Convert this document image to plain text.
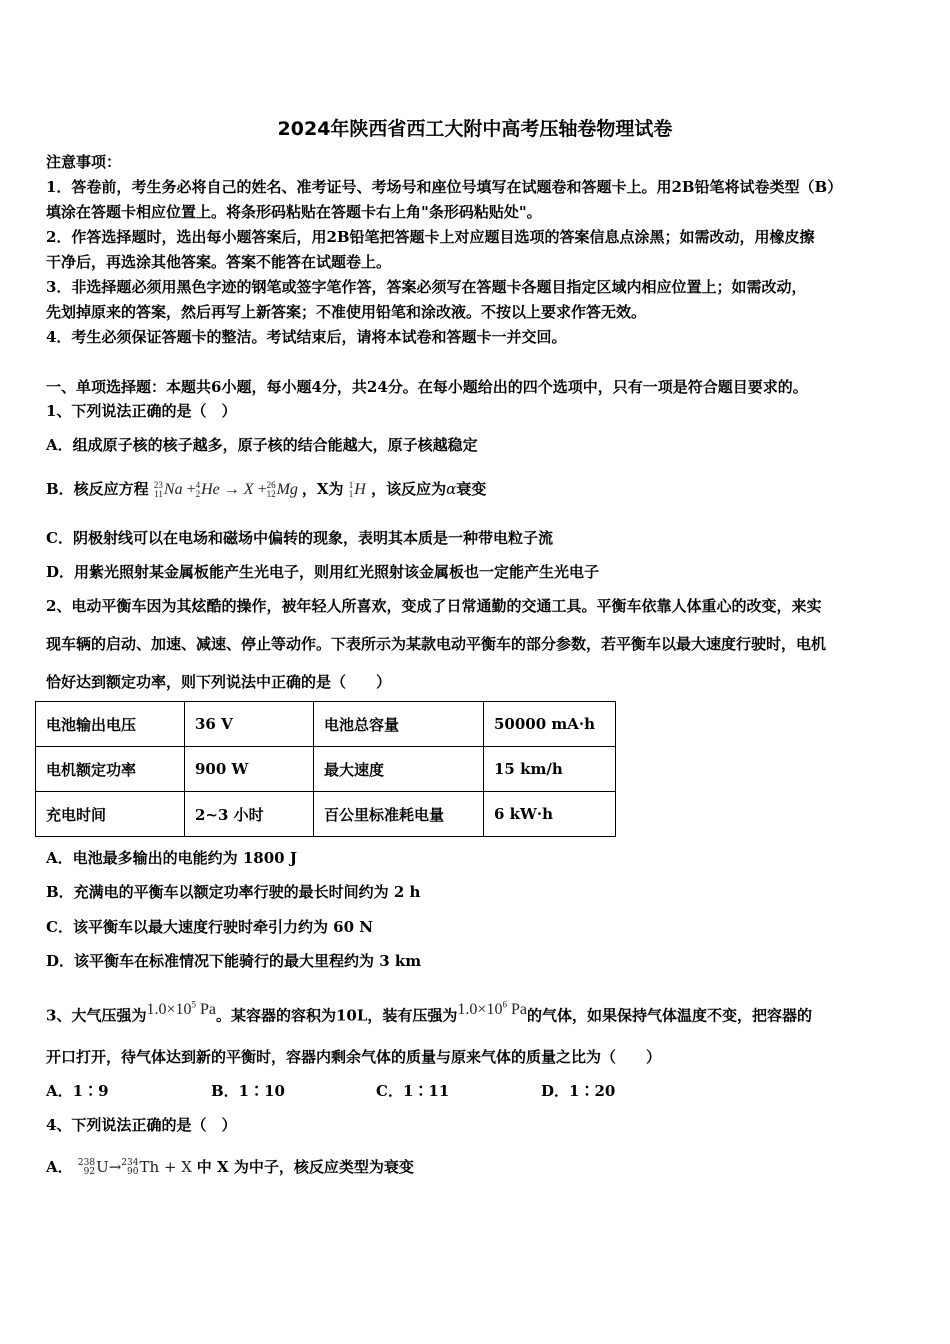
2024年陕西省西工大附中高考压轴卷物理试卷
注意事项：
1．答卷前，考生务必将自己的姓名、准考证号、考场号和座位号填写在试题卷和答题卡上。用2B铅笔将试卷类型（B）
填涂在答题卡相应位置上。将条形码粘贴在答题卡右上角"条形码粘贴处"。
2．作答选择题时，选出每小题答案后，用2B铅笔把答题卡上对应题目选项的答案信息点涂黑；如需改动，用橡皮擦
干净后，再选涂其他答案。答案不能答在试题卷上。
3．非选择题必须用黑色字迹的钢笔或签字笔作答，答案必须写在答题卡各题目指定区域内相应位置上；如需改动，
先划掉原来的答案，然后再写上新答案；不准使用铅笔和涂改液。不按以上要求作答无效。
4．考生必须保证答题卡的整洁。考试结束后，请将本试卷和答题卡一并交回。
一、单项选择题：本题共6小题，每小题4分，共24分。在每小题给出的四个选项中，只有一项是符合题目要求的。
1、下列说法正确的是（　）
A．组成原子核的核子越多，原子核的结合能越大，原子核越稳定
B．核反应方程 23
11Na +4
2He → X +26
12Mg ，X为 1
1H ，该反应为α衰变
C．阴极射线可以在电场和磁场中偏转的现象，表明其本质是一种带电粒子流
D．用紫光照射某金属板能产生光电子，则用红光照射该金属板也一定能产生光电子
2、电动平衡车因为其炫酷的操作，被年轻人所喜欢，变成了日常通勤的交通工具。平衡车依靠人体重心的改变，来实
现车辆的启动、加速、减速、停止等动作。下表所示为某款电动平衡车的部分参数，若平衡车以最大速度行驶时，电机
恰好达到额定功率，则下列说法中正确的是（　　）
电池输出电压	36 V	电池总容量	50000 mA·h
电机额定功率	900 W	最大速度	15 km/h
充电时间	2~3 小时	百公里标准耗电量	6 kW·h
A．电池最多输出的电能约为 1800 J
B．充满电的平衡车以额定功率行驶的最长时间约为 2 h
C．该平衡车以最大速度行驶时牵引力约为 60 N
D．该平衡车在标准情况下能骑行的最大里程约为 3 km
3、大气压强为$1.0\times 10^5$ Pa。某容器的容积为10L，装有压强为$1.0\times 10^6$ Pa的气体，如果保持气体温度不变，把容器的
开口打开，待气体达到新的平衡时，容器内剩余气体的质量与原来气体的质量之比为（　　）
A．1∶9	B．1∶10	C．1∶11	D．1∶20
4、下列说法正确的是（　）
A． 238
92U→234
90Th + X 中 X 为中子，核反应类型为衰变
